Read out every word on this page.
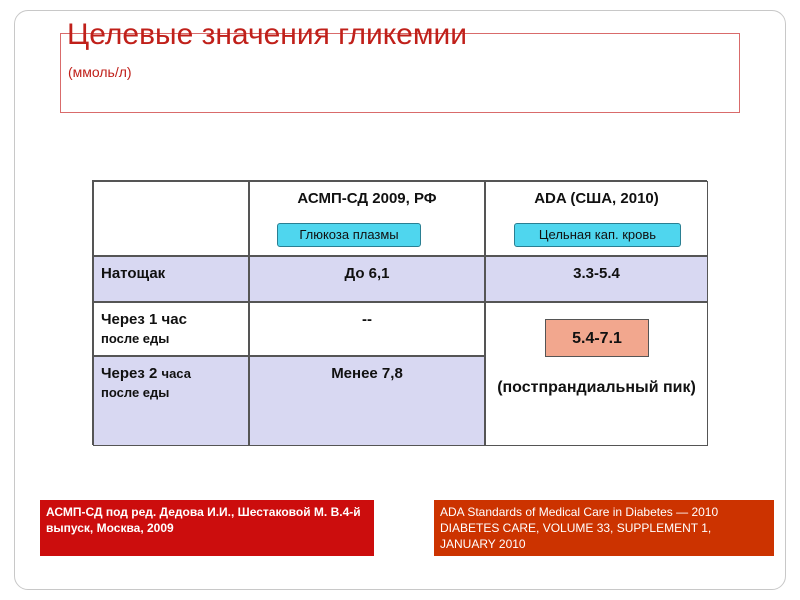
Целевые значения гликемии
(ммоль/л)
АСМП-СД 2009, РФ
Глюкоза плазмы
ADA (США, 2010)
Цельная кап. кровь
Натощак	До 6,1	3.3-5.4
Через 1 час
после еды
--
5.4-7.1
(постпрандиальный пик)
Через 2 часа
после еды
Менее 7,8
АСМП-СД под ред. Дедова И.И., Шестаковой М. В.4-й выпуск, Москва, 2009
ADA Standards of Medical Care in Diabetes — 2010 DIABETES CARE, VOLUME 33, SUPPLEMENT 1, JANUARY 2010
